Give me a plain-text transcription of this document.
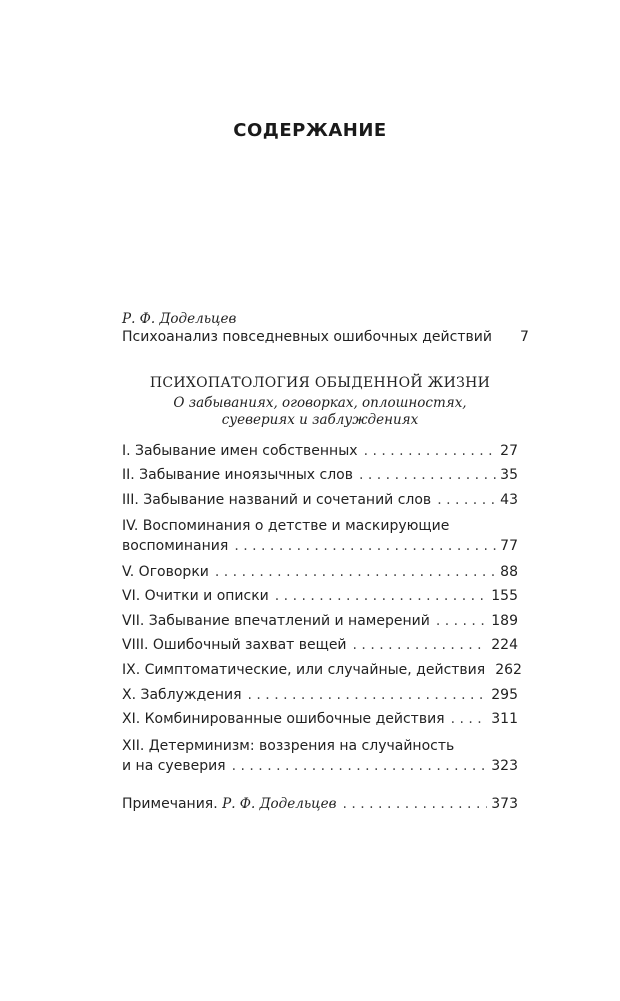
СОДЕРЖАНИЕ
Р. Ф. Додельцев
Психоанализ повседневных ошибочных действий 7
ПСИХОПАТОЛОГИЯ ОБЫДЕННОЙ ЖИЗНИ
О забываниях, оговорках, оплошностях,
суевериях и заблуждениях
I. Забывание имен собственных . . .	27
II. Забывание иноязычных слов . . .	35
III. Забывание названий и сочетаний слов . . .	43
IV. Воспоминания о детстве и маскирующие
воспоминания . . .	77
V. Оговорки . . .	88
VI. Очитки и описки . . .	155
VII. Забывание впечатлений и намерений . . .	189
VIII. Ошибочный захват вещей . . .	224
IX. Симптоматические, или случайные, действия 262
X. Заблуждения . . .	295
XI. Комбинированные ошибочные действия . . .	311
XII. Детерминизм: воззрения на случайность
и на суеверия . . .	323
Примечания. Р. Ф. Додельцев . . .	373
